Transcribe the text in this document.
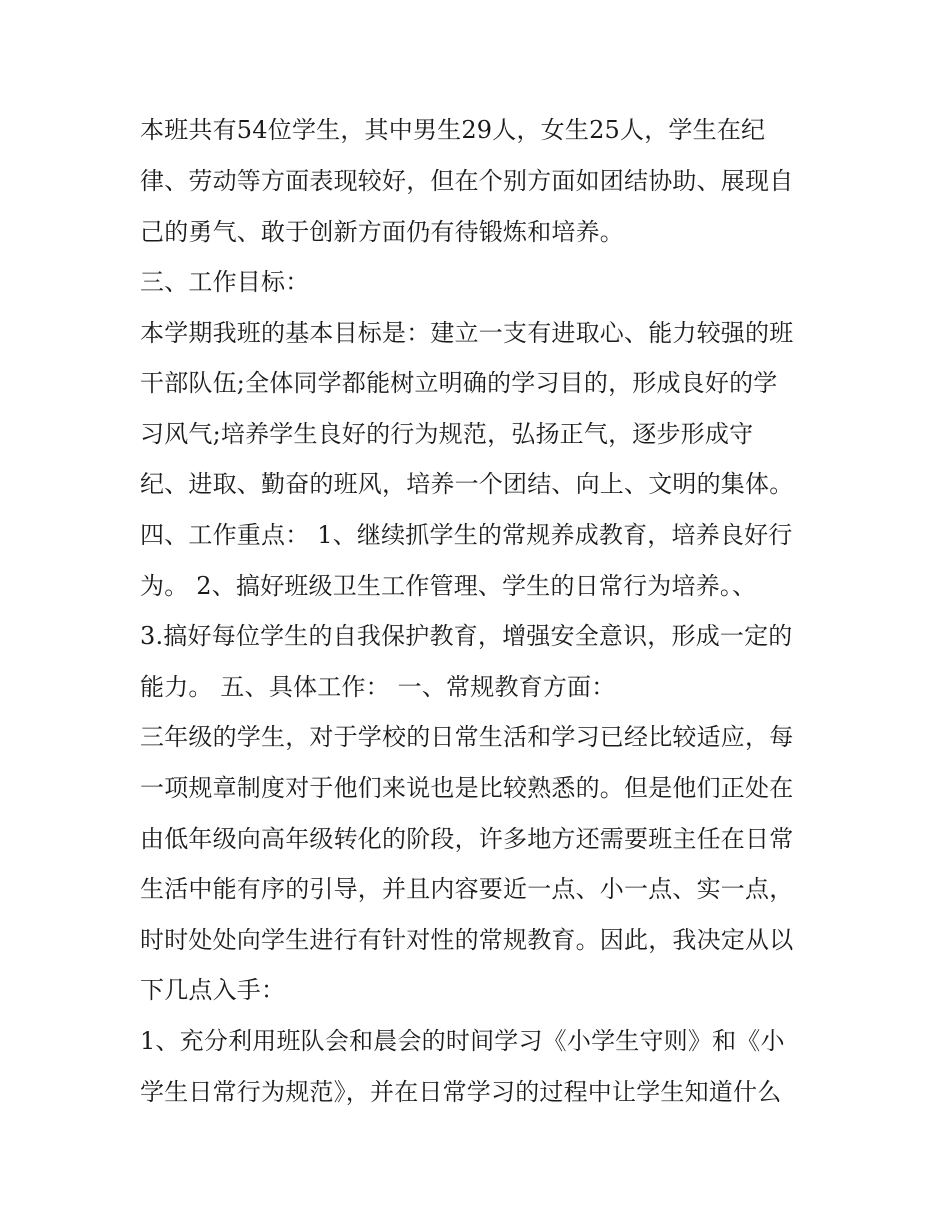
本班共有54位学生，其中男生29人，女生25人，学生在纪
律、劳动等方面表现较好，但在个别方面如团结协助、展现自
己的勇气、敢于创新方面仍有待锻炼和培养。
三、工作目标：
本学期我班的基本目标是：建立一支有进取心、能力较强的班
干部队伍;全体同学都能树立明确的学习目的，形成良好的学
习风气;培养学生良好的行为规范，弘扬正气，逐步形成守
纪、进取、勤奋的班风，培养一个团结、向上、文明的集体。
四、工作重点： 1、继续抓学生的常规养成教育，培养良好行
为。 2、搞好班级卫生工作管理、学生的日常行为培养。、
3.搞好每位学生的自我保护教育，增强安全意识，形成一定的
能力。 五、具体工作： 一、常规教育方面：
三年级的学生，对于学校的日常生活和学习已经比较适应，每
一项规章制度对于他们来说也是比较熟悉的。但是他们正处在
由低年级向高年级转化的阶段，许多地方还需要班主任在日常
生活中能有序的引导，并且内容要近一点、小一点、实一点，
时时处处向学生进行有针对性的常规教育。因此，我决定从以
下几点入手：
1、充分利用班队会和晨会的时间学习《小学生守则》和《小
学生日常行为规范》，并在日常学习的过程中让学生知道什么
